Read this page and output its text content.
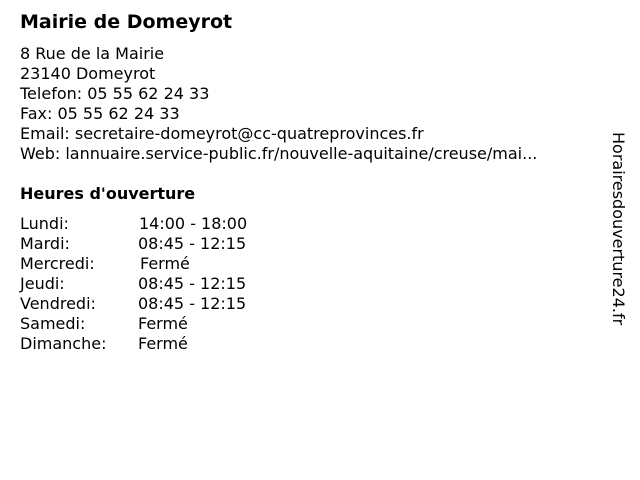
Mairie de Domeyrot
8 Rue de la Mairie
23140 Domeyrot
Telefon: 05 55 62 24 33
Fax: 05 55 62 24 33
Email: secretaire-domeyrot@cc-quatreprovinces.fr
Web: lannuaire.service-public.fr/nouvelle-aquitaine/creuse/mai...
Heures d'ouverture
Lundi:	14:00 - 18:00
Mardi:	08:45 - 12:15
Mercredi:	Fermé
Jeudi:	08:45 - 12:15
Vendredi:	08:45 - 12:15
Samedi:	Fermé
Dimanche: Fermé
Horairesdouverture24.fr
